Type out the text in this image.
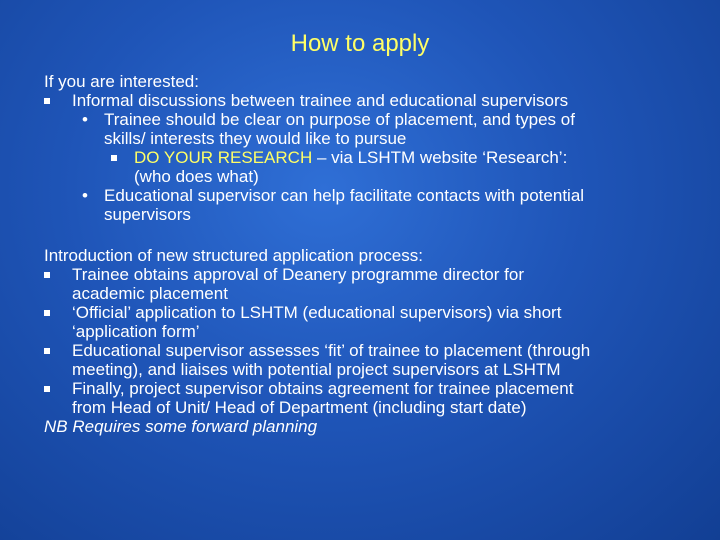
How to apply
If you are interested:
Informal discussions between trainee and educational supervisors
• Trainee should be clear on purpose of placement, and types of
skills/ interests they would like to pursue
DO YOUR RESEARCH – via LSHTM website ‘Research’:
(who does what)
• Educational supervisor can help facilitate contacts with potential
supervisors
Introduction of new structured application process:
Trainee obtains approval of Deanery programme director for
academic placement
‘Official’ application to LSHTM (educational supervisors) via short
‘application form’
Educational supervisor assesses ‘fit’ of trainee to placement (through
meeting), and liaises with potential project supervisors at LSHTM
Finally, project supervisor obtains agreement for trainee placement
from Head of Unit/ Head of Department (including start date)
NB Requires some forward planning
